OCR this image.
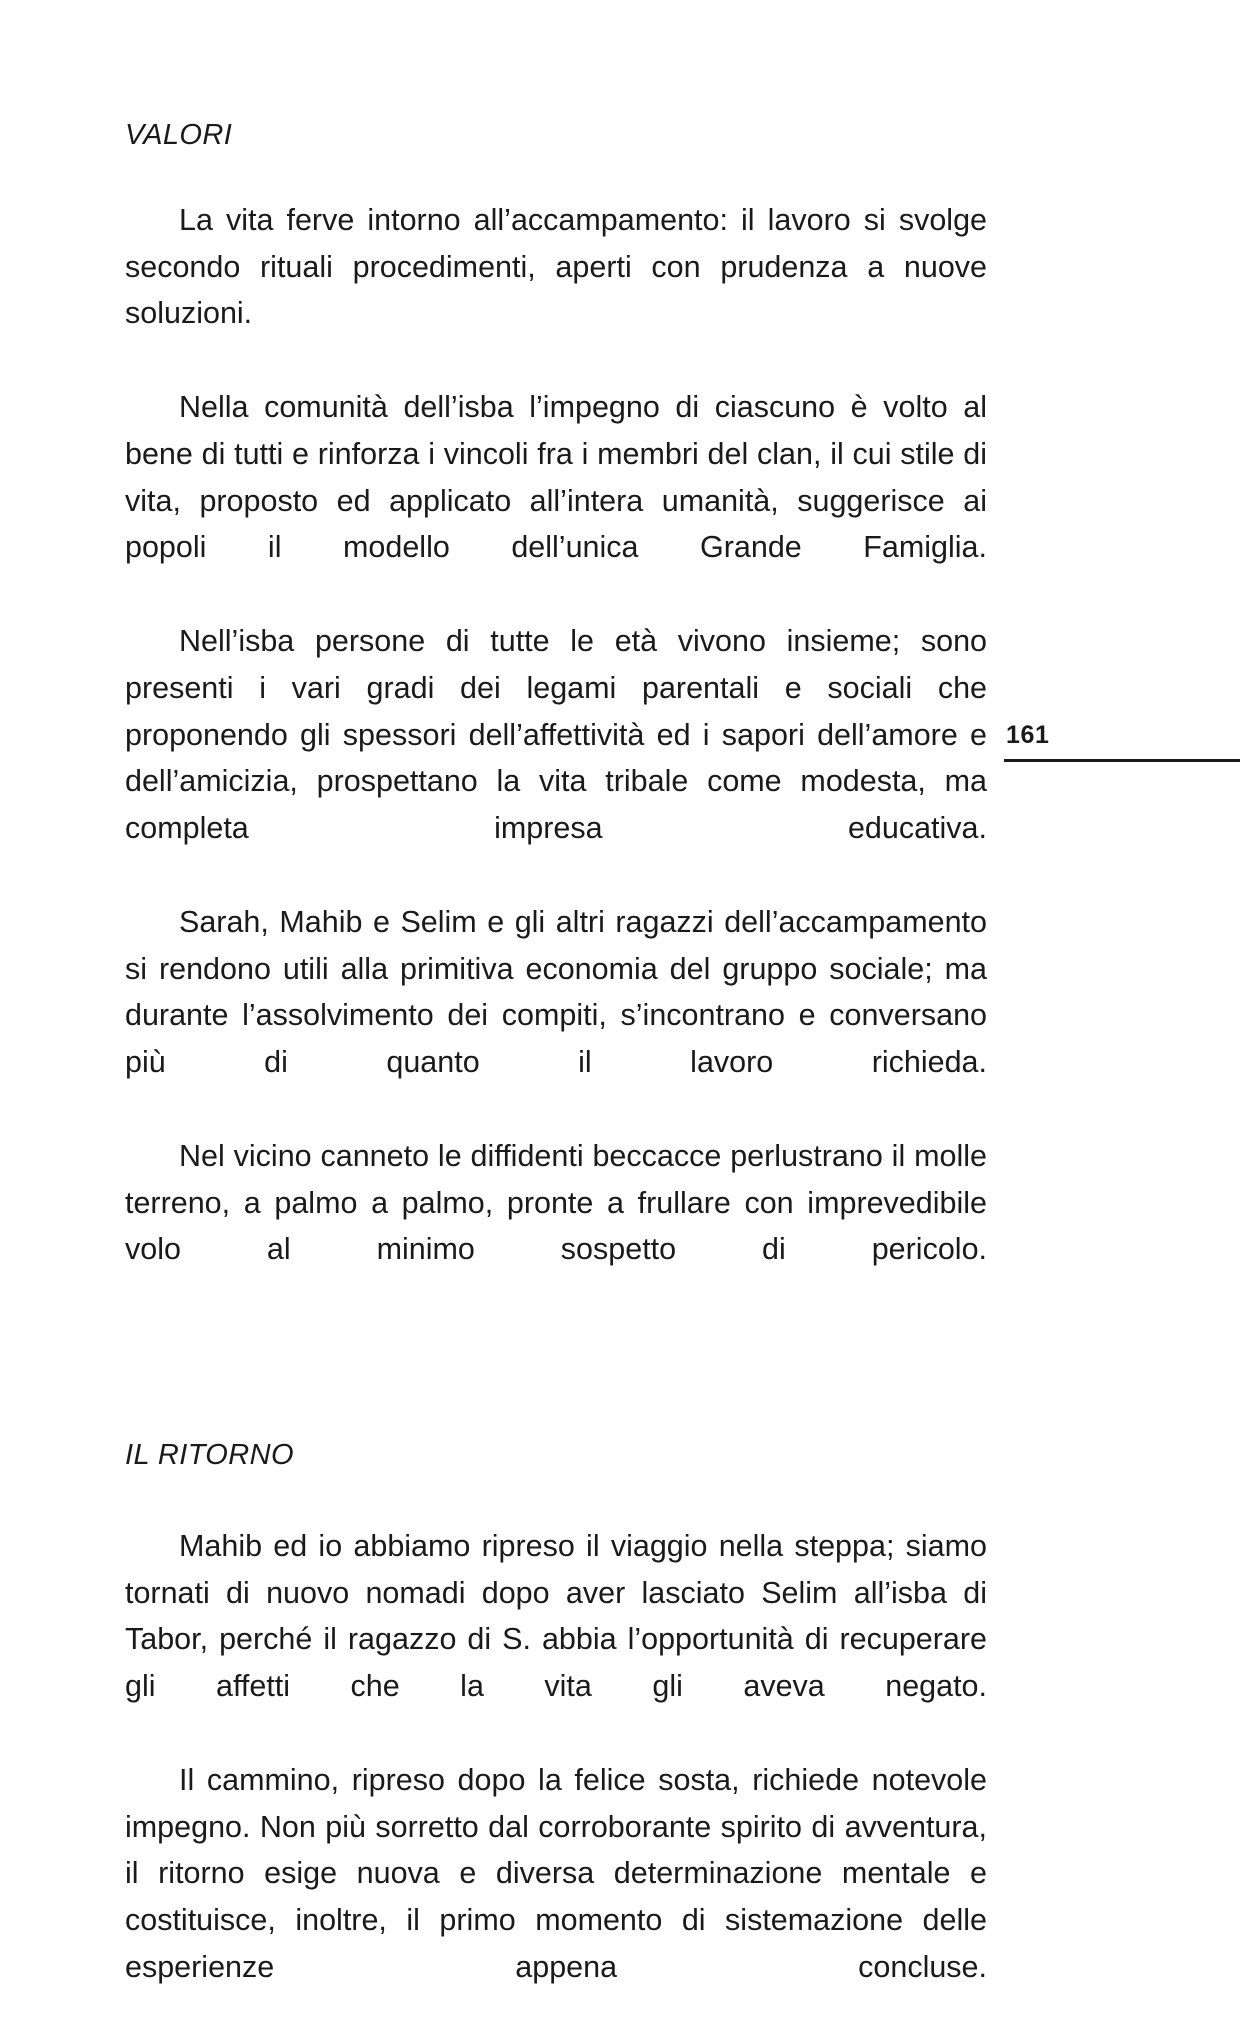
VALORI

La vita ferve intorno all’accampamento: il lavoro si svolge secondo rituali procedimenti, aperti con prudenza a nuove soluzioni.

Nella comunità dell’isba l’impegno di ciascuno è volto al bene di tutti e rinforza i vincoli fra i membri del clan, il cui stile di vita, proposto ed applicato all’intera umanità, suggerisce ai popoli il modello dell’unica Grande Famiglia.

Nell’isba persone di tutte le età vivono insieme; sono presenti i vari gradi dei legami parentali e sociali che proponendo gli spessori dell’affettività ed i sapori dell’amore e dell’amicizia, prospettano la vita tribale come modesta, ma completa impresa educativa.

Sarah, Mahib e Selim e gli altri ragazzi dell’accampamento si rendono utili alla primitiva economia del gruppo sociale; ma durante l’assolvimento dei compiti, s’incontrano e conversano più di quanto il lavoro richieda.

Nel vicino canneto le diffidenti beccacce perlustrano il molle terreno, a palmo a palmo, pronte a frullare con imprevedibile volo al minimo sospetto di pericolo.

IL RITORNO

Mahib ed io abbiamo ripreso il viaggio nella steppa; siamo tornati di nuovo nomadi dopo aver lasciato Selim all’isba di Tabor, perché il ragazzo di S. abbia l’opportunità di recuperare gli affetti che la vita gli aveva negato.

Il cammino, ripreso dopo la felice sosta, richiede notevole impegno. Non più sorretto dal corroborante spirito di avventura, il ritorno esige nuova e diversa determinazione mentale e costituisce, inoltre, il primo momento di sistemazione delle esperienze appena concluse.

161
